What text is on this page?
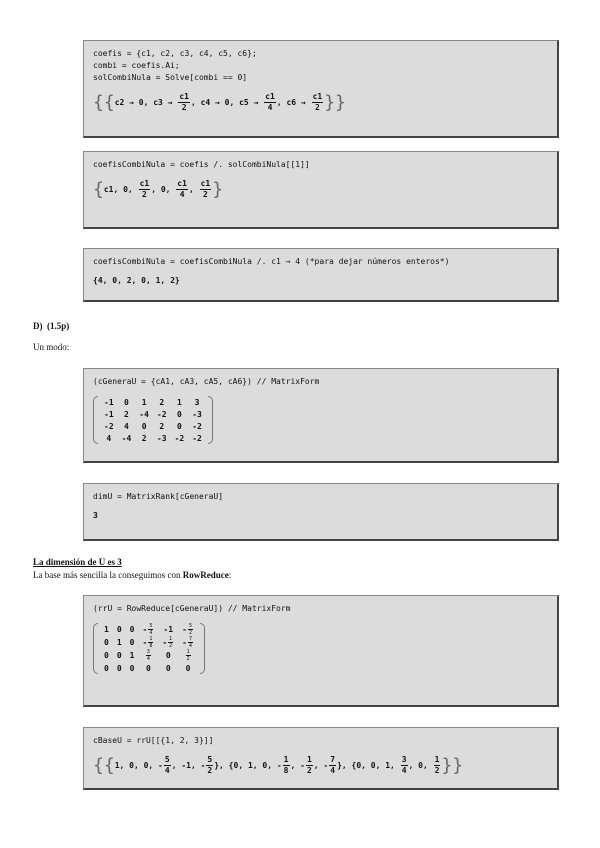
coefis = {c1, c2, c3, c4, c5, c6};
combi = coefis.Ai;
solCombiNula = Solve[combi == 0]
{{ c2 → 0, $c3 \to \frac{c1}{2}$ , c4 → 0, $c5 \to \frac{c1}{4}$ , $c6 \to \frac{c1}{2}$ }}
coefisCombiNula = coefis /. solCombiNula[[1]]
{ c1, 0, $\frac{c1}{2}$ , 0, $\frac{c1}{4}$ , $\frac{c1}{2}$ }
coefisCombiNula = coefisCombiNula /. c1 → 4 (*para dejar números enteros*)
{4, 0, 2, 0, 1, 2}
D) (1.5p)
Un modo:
(cGeneraU = {cA1, cA3, cA5, cA6}) // MatrixForm
-1	0	1	2	1	3
-1	2	-4	-2	0	-3
-2	4	0	2	0	-2
4	-4	2	-3	-2	-2
dimU = MatrixRank[cGeneraU]
3
La dimensión de U es 3
La base más sencilla la conseguimos con RowReduce:
(rrU = RowReduce[cGeneraU]) // MatrixForm
1	0	0	- $\frac{5}{4}$	-1	- $\frac{5}{2}$

0	1	0	- $\frac{1}{8}$	- $\frac{1}{2}$	- $\frac{7}{4}$

0	0	1	$\frac{3}{4}$	0	$\frac{1}{2}$

0	0	0	0	0	0
cBaseU = rrU[[{1, 2, 3}]]
{{ 1, 0, 0, - $\frac{5}{4}$ , -1, - $\frac{5}{2}$ }, { 0, 1, 0, - $\frac{1}{8}$ , - $\frac{1}{2}$ , - $\frac{7}{4}$ }, { 0, 0, 1, $\frac{3}{4}$ , 0, $\frac{1}{2}$ }}
